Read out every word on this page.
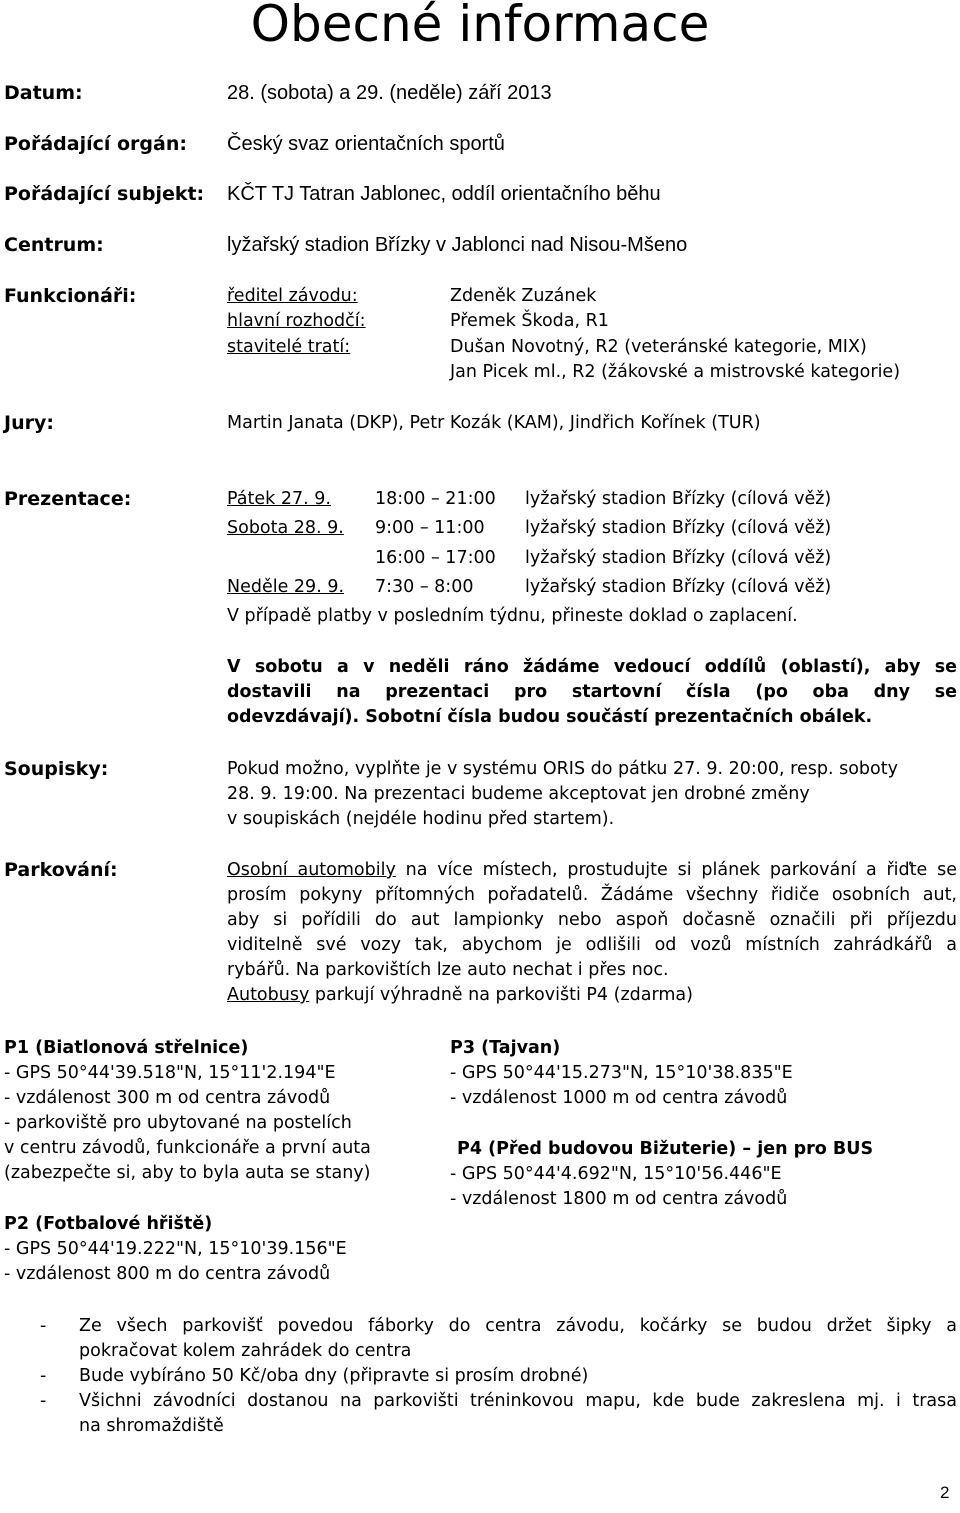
Obecné informace
Datum:	28. (sobota) a 29. (neděle) září 2013
Pořádající orgán: Český svaz orientačních sportů
Pořádající subjekt: KČT TJ Tatran Jablonec, oddíl orientačního běhu
Centrum:	lyžařský stadion Břízky v Jablonci nad Nisou-Mšeno
Funkcionáři:	ředitel závodu:	Zdeněk Zuzánek
hlavní rozhodčí:	Přemek Škoda, R1
stavitelé tratí:	Dušan Novotný, R2 (veteránské kategorie, MIX)
Jan Picek ml., R2 (žákovské a mistrovské kategorie)
Jury:	Martin Janata (DKP), Petr Kozák (KAM), Jindřich Kořínek (TUR)
Prezentace:	Pátek 27. 9.	18:00 – 21:00 lyžařský stadion Břízky (cílová věž)
Sobota 28. 9. 9:00 – 11:00 lyžařský stadion Břízky (cílová věž)
16:00 – 17:00 lyžařský stadion Břízky (cílová věž)
Neděle 29. 9. 7:30 – 8:00	lyžařský stadion Břízky (cílová věž)
V případě platby v posledním týdnu, přineste doklad o zaplacení.
V sobotu a v neděli ráno žádáme vedoucí oddílů (oblastí), aby se
dostavili na prezentaci pro startovní čísla (po oba dny se
odevzdávají). Sobotní čísla budou součástí prezentačních obálek.
Soupisky:	Pokud možno, vyplňte je v systému ORIS do pátku 27. 9. 20:00, resp. soboty
28. 9. 19:00. Na prezentaci budeme akceptovat jen drobné změny
v soupiskách (nejdéle hodinu před startem).
Parkování:	Osobní automobily na více místech, prostudujte si plánek parkování a řiďte se
prosím pokyny přítomných pořadatelů. Žádáme všechny řidiče osobních aut,
aby si pořídili do aut lampionky nebo aspoň dočasně označili při příjezdu
viditelně své vozy tak, abychom je odlišili od vozů místních zahrádkářů a
rybářů. Na parkovištích lze auto nechat i přes noc.
Autobusy parkují výhradně na parkovišti P4 (zdarma)
P1 (Biatlonová střelnice)
- GPS 50°44'39.518"N, 15°11'2.194"E
- vzdálenost 300 m od centra závodů
- parkoviště pro ubytované na postelích
v centru závodů, funkcionáře a první auta
(zabezpečte si, aby to byla auta se stany)
P2 (Fotbalové hřiště)
- GPS 50°44'19.222"N, 15°10'39.156"E
- vzdálenost 800 m do centra závodů
P3 (Tajvan)
- GPS 50°44'15.273"N, 15°10'38.835"E
- vzdálenost 1000 m od centra závodů
P4 (Před budovou Bižuterie) – jen pro BUS
- GPS 50°44'4.692"N, 15°10'56.446"E
- vzdálenost 1800 m od centra závodů
- Ze všech parkovišť povedou fáborky do centra závodu, kočárky se budou držet šipky a
pokračovat kolem zahrádek do centra
- Bude vybíráno 50 Kč/oba dny (připravte si prosím drobné)
- Všichni závodníci dostanou na parkovišti tréninkovou mapu, kde bude zakreslena mj. i trasa
na shromaždiště
2
